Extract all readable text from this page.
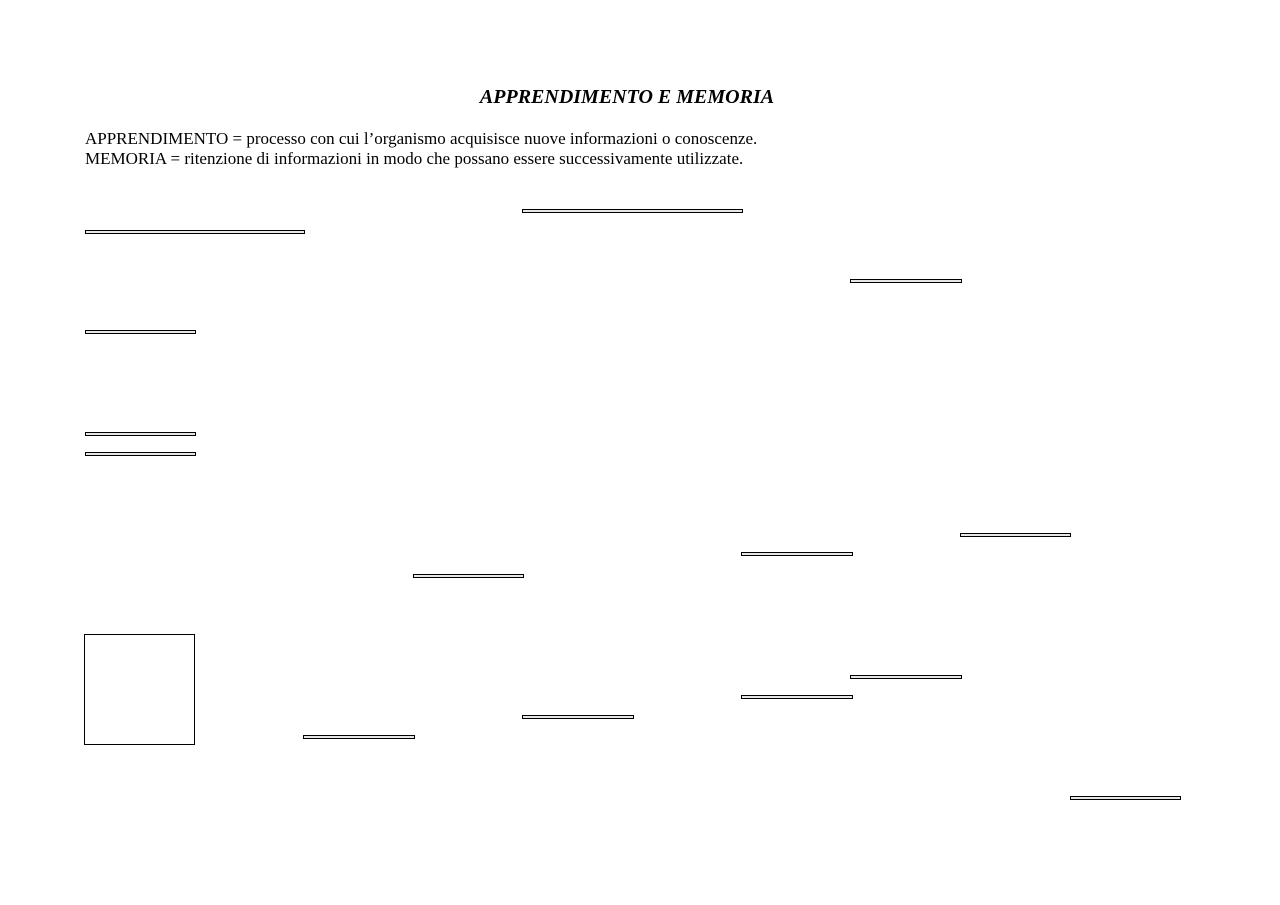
APPRENDIMENTO E MEMORIA

APPRENDIMENTO = processo con cui l’organismo acquisisce nuove informazioni o conoscenze.

MEMORIA = ritenzione di informazioni in modo che possano essere successivamente utilizzate.
